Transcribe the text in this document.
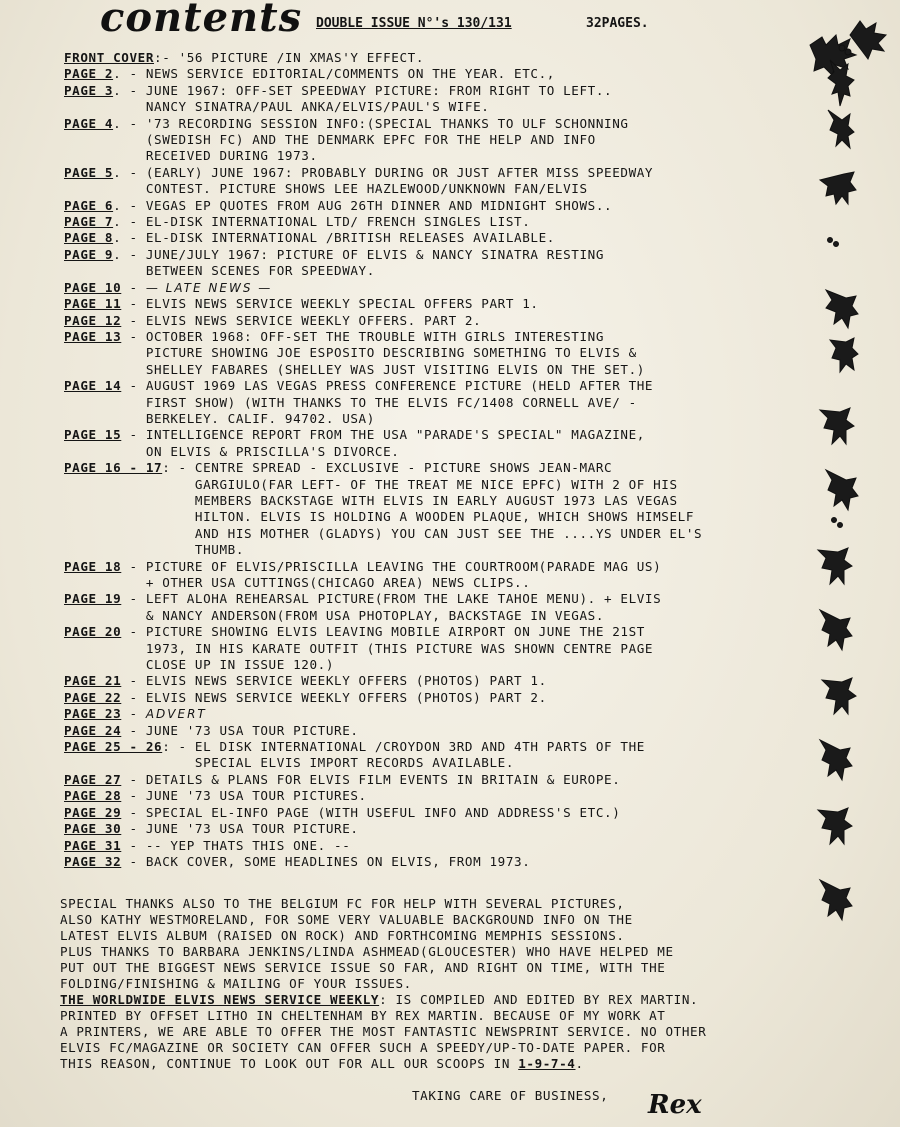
contents DOUBLE ISSUE N°'s 130/131	32PAGES.
FRONT COVER :- '56 PICTURE /IN XMAS'Y EFFECT.
PAGE 2 . - NEWS SERVICE EDITORIAL/COMMENTS ON THE YEAR. ETC.,
PAGE 3 . - JUNE 1967: OFF-SET SPEEDWAY PICTURE: FROM RIGHT TO LEFT..
NANCY SINATRA/PAUL ANKA/ELVIS/PAUL'S WIFE.
PAGE 4 . - '73 RECORDING SESSION INFO:(SPECIAL THANKS TO ULF SCHONNING
(SWEDISH FC) AND THE DENMARK EPFC FOR THE HELP AND INFO
RECEIVED DURING 1973.
PAGE 5 . - (EARLY) JUNE 1967: PROBABLY DURING OR JUST AFTER MISS SPEEDWAY
CONTEST. PICTURE SHOWS LEE HAZLEWOOD/UNKNOWN FAN/ELVIS
PAGE 6 . - VEGAS EP QUOTES FROM AUG 26TH DINNER AND MIDNIGHT SHOWS..
PAGE 7 . - EL-DISK INTERNATIONAL LTD/ FRENCH SINGLES LIST.
PAGE 8 . - EL-DISK INTERNATIONAL /BRITISH RELEASES AVAILABLE.
PAGE 9 . - JUNE/JULY 1967: PICTURE OF ELVIS & NANCY SINATRA RESTING
BETWEEN SCENES FOR SPEEDWAY.
PAGE 10 - — LATE NEWS —
PAGE 11 - ELVIS NEWS SERVICE WEEKLY SPECIAL OFFERS PART 1.
PAGE 12 - ELVIS NEWS SERVICE WEEKLY OFFERS. PART 2.
PAGE 13 - OCTOBER 1968: OFF-SET THE TROUBLE WITH GIRLS INTERESTING
PICTURE SHOWING JOE ESPOSITO DESCRIBING SOMETHING TO ELVIS &
SHELLEY FABARES (SHELLEY WAS JUST VISITING ELVIS ON THE SET.)
PAGE 14 - AUGUST 1969 LAS VEGAS PRESS CONFERENCE PICTURE (HELD AFTER THE
FIRST SHOW) (WITH THANKS TO THE ELVIS FC/1408 CORNELL AVE/ -
BERKELEY. CALIF. 94702. USA)
PAGE 15 - INTELLIGENCE REPORT FROM THE USA "PARADE'S SPECIAL" MAGAZINE,
ON ELVIS & PRISCILLA'S DIVORCE.
PAGE 16 - 17 : - CENTRE SPREAD - EXCLUSIVE - PICTURE SHOWS JEAN-MARC
GARGIULO(FAR LEFT- OF THE TREAT ME NICE EPFC) WITH 2 OF HIS
MEMBERS BACKSTAGE WITH ELVIS IN EARLY AUGUST 1973 LAS VEGAS
HILTON. ELVIS IS HOLDING A WOODEN PLAQUE, WHICH SHOWS HIMSELF
AND HIS MOTHER (GLADYS) YOU CAN JUST SEE THE ....YS UNDER EL'S
THUMB.
PAGE 18 - PICTURE OF ELVIS/PRISCILLA LEAVING THE COURTROOM(PARADE MAG US)
+ OTHER USA CUTTINGS(CHICAGO AREA) NEWS CLIPS..
PAGE 19 - LEFT ALOHA REHEARSAL PICTURE(FROM THE LAKE TAHOE MENU). + ELVIS
& NANCY ANDERSON(FROM USA PHOTOPLAY, BACKSTAGE IN VEGAS.
PAGE 20 - PICTURE SHOWING ELVIS LEAVING MOBILE AIRPORT ON JUNE THE 21ST
1973, IN HIS KARATE OUTFIT (THIS PICTURE WAS SHOWN CENTRE PAGE
CLOSE UP IN ISSUE 120.)
PAGE 21 - ELVIS NEWS SERVICE WEEKLY OFFERS (PHOTOS) PART 1.
PAGE 22 - ELVIS NEWS SERVICE WEEKLY OFFERS (PHOTOS) PART 2.
PAGE 23 - ADVERT
PAGE 24 - JUNE '73 USA TOUR PICTURE.
PAGE 25 - 26 : - EL DISK INTERNATIONAL /CROYDON 3RD AND 4TH PARTS OF THE
SPECIAL ELVIS IMPORT RECORDS AVAILABLE.
PAGE 27 - DETAILS & PLANS FOR ELVIS FILM EVENTS IN BRITAIN & EUROPE.
PAGE 28 - JUNE '73 USA TOUR PICTURES.
PAGE 29 - SPECIAL EL-INFO PAGE (WITH USEFUL INFO AND ADDRESS'S ETC.)
PAGE 30 - JUNE '73 USA TOUR PICTURE.
PAGE 31 - -- YEP THATS THIS ONE. --
PAGE 32 - BACK COVER, SOME HEADLINES ON ELVIS, FROM 1973.
SPECIAL THANKS ALSO TO THE BELGIUM FC FOR HELP WITH SEVERAL PICTURES,
ALSO KATHY WESTMORELAND, FOR SOME VERY VALUABLE BACKGROUND INFO ON THE
LATEST ELVIS ALBUM (RAISED ON ROCK) AND FORTHCOMING MEMPHIS SESSIONS.
PLUS THANKS TO BARBARA JENKINS/LINDA ASHMEAD(GLOUCESTER) WHO HAVE HELPED ME
PUT OUT THE BIGGEST NEWS SERVICE ISSUE SO FAR, AND RIGHT ON TIME, WITH THE
FOLDING/FINISHING & MAILING OF YOUR ISSUES.
THE WORLDWIDE ELVIS NEWS SERVICE WEEKLY: IS COMPILED AND EDITED BY REX MARTIN.
PRINTED BY OFFSET LITHO IN CHELTENHAM BY REX MARTIN. BECAUSE OF MY WORK AT
A PRINTERS, WE ARE ABLE TO OFFER THE MOST FANTASTIC NEWSPRINT SERVICE. NO OTHER
ELVIS FC/MAGAZINE OR SOCIETY CAN OFFER SUCH A SPEEDY/UP-TO-DATE PAPER. FOR
THIS REASON, CONTINUE TO LOOK OUT FOR ALL OUR SCOOPS IN 1-9-7-4.
TAKING CARE OF BUSINESS, Rex
